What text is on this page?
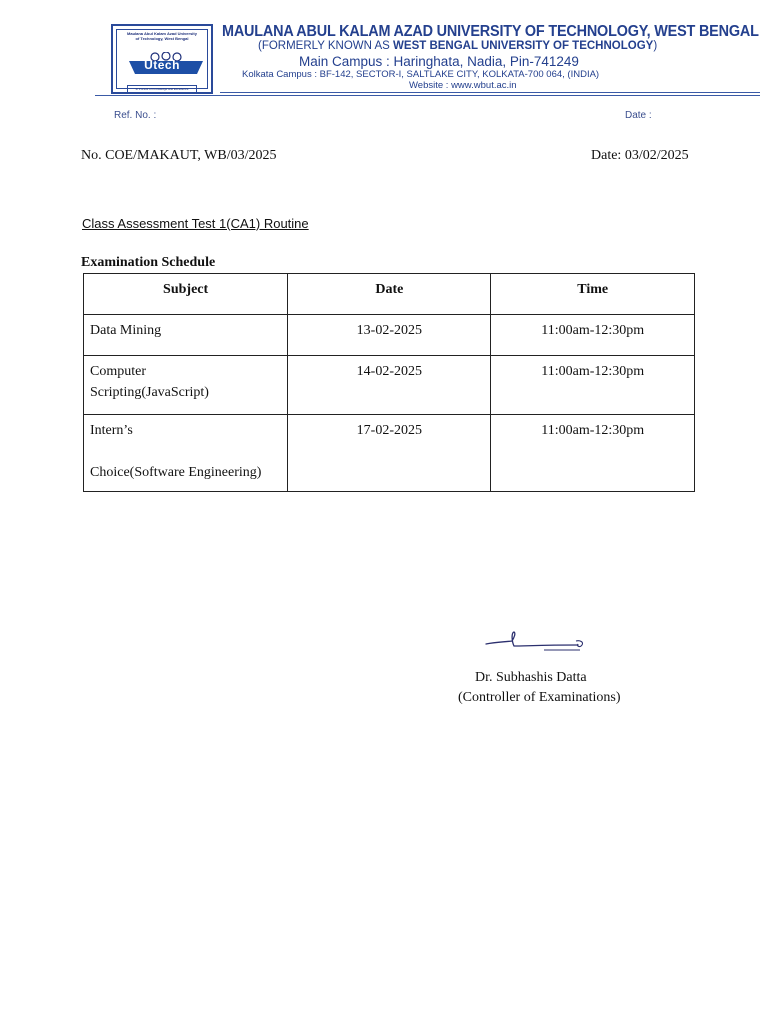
Maulana Abul Kalam Azad University
of Technology, West Bengal
Utech
In Pursuit of Knowledge and Excellence
MAULANA ABUL KALAM AZAD UNIVERSITY OF TECHNOLOGY, WEST BENGAL
(FORMERLY KNOWN AS WEST BENGAL UNIVERSITY OF TECHNOLOGY)
Main Campus : Haringhata, Nadia, Pin-741249
Kolkata Campus : BF-142, SECTOR-I, SALTLAKE CITY, KOLKATA-700 064, (INDIA)
Website : www.wbut.ac.in
Ref. No. :	Date :
No. COE/MAKAUT, WB/03/2025	Date: 03/02/2025
Class Assessment Test 1(CA1) Routine
Examination Schedule
Subject	Date	Time
Data Mining	13-02-2025	11:00am-12:30pm
Computer
Scripting(JavaScript)	14-02-2025	11:00am-12:30pm
Intern’s

Choice(Software Engineering)	17-02-2025	11:00am-12:30pm
Dr. Subhashis Datta
(Controller of Examinations)
